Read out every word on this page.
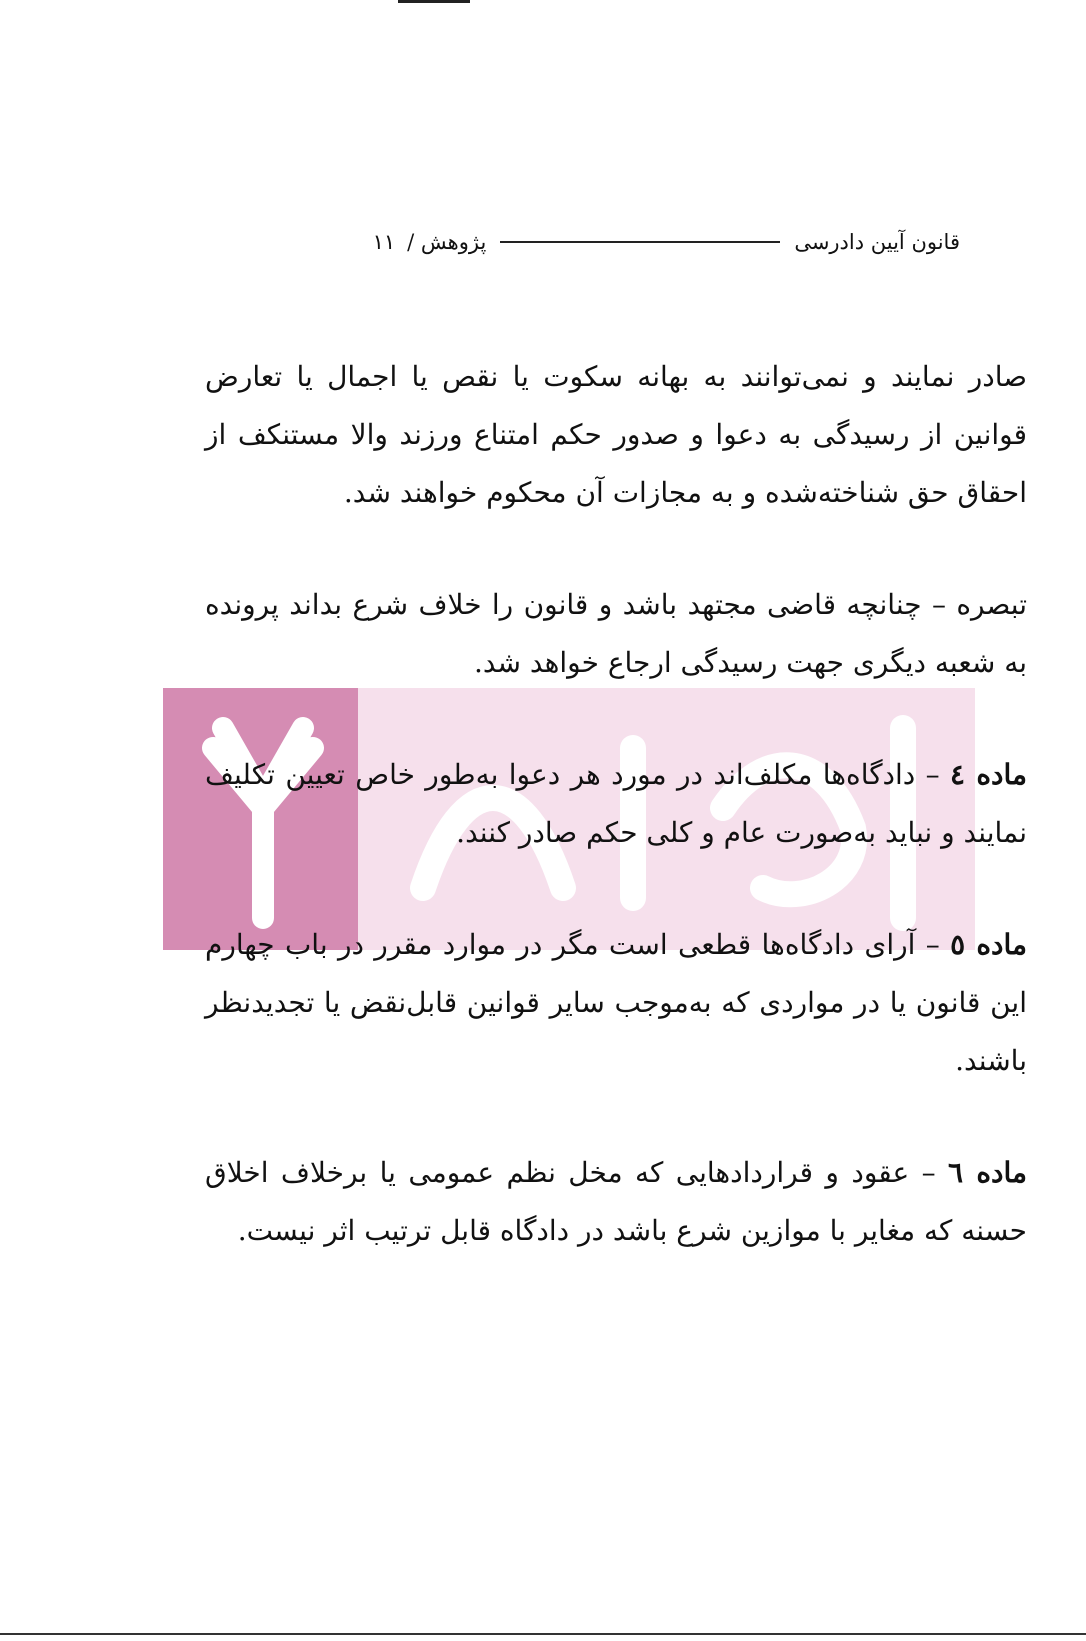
قانون آیین دادرسی
پژوهش /
۱۱

صادر نمایند و نمی‌توانند به بهانه سکوت یا نقص یا اجمال یا تعارض قوانین از رسیدگی به دعوا و صدور حکم امتناع ورزند والا مستنکف از احقاق حق شناخته‌شده و به مجازات آن محکوم خواهند شد.

تبصره – چنانچه قاضی مجتهد باشد و قانون را خلاف شرع بداند پرونده به شعبه دیگری جهت رسیدگی ارجاع خواهد شد.

ماده ٤ – دادگاه‌ها مکلف‌اند در مورد هر دعوا به‌طور خاص تعیین تکلیف نمایند و نباید به‌صورت عام و کلی حکم صادر کنند.

ماده ٥ – آرای دادگاه‌ها قطعی است مگر در موارد مقرر در باب چهارم این قانون یا در مواردی که به‌موجب سایر قوانین قابل‌نقض یا تجدیدنظر باشند.

ماده ٦ – عقود و قراردادهایی که مخل نظم عمومی یا برخلاف اخلاق حسنه که مغایر با موازین شرع باشد در دادگاه قابل ترتیب اثر نیست.
